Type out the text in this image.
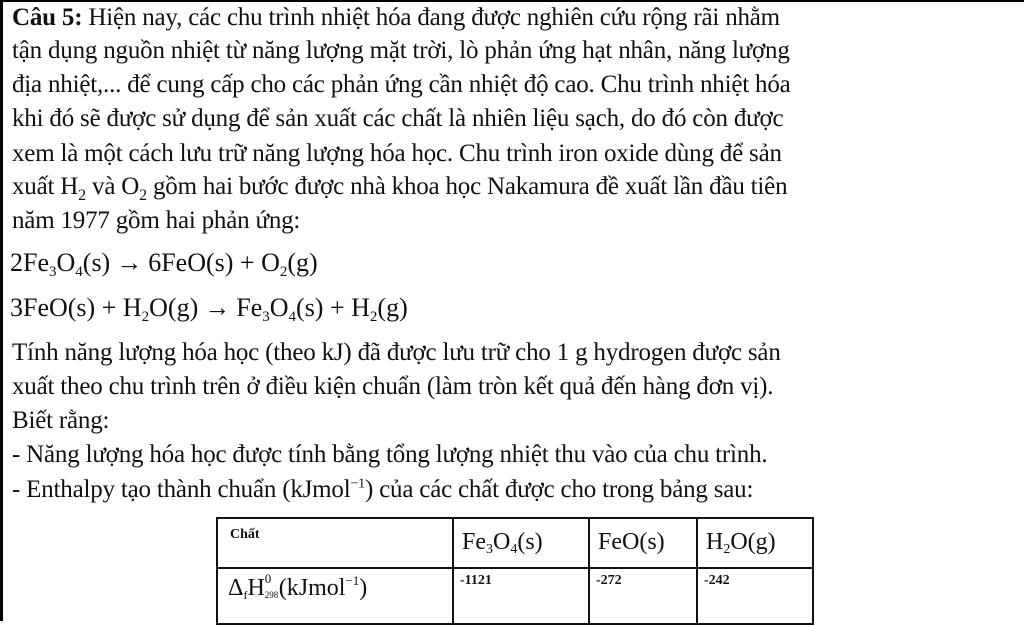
Câu 5: Hiện nay, các chu trình nhiệt hóa đang được nghiên cứu rộng rãi nhằm
tận dụng nguồn nhiệt từ năng lượng mặt trời, lò phản ứng hạt nhân, năng lượng
địa nhiệt,... để cung cấp cho các phản ứng cần nhiệt độ cao. Chu trình nhiệt hóa
khi đó sẽ được sử dụng để sản xuất các chất là nhiên liệu sạch, do đó còn được
xem là một cách lưu trữ năng lượng hóa học. Chu trình iron oxide dùng để sản
xuất $H_2$ và $O_2$ gồm hai bước được nhà khoa học Nakamura đề xuất lần đầu tiên
năm 1977 gồm hai phản ứng:
$2Fe_3O_4(s) \to 6FeO(s) + O_2(g)$
$3FeO(s) + H_2O(g) \to Fe_3O_4(s) + H_2(g)$
Tính năng lượng hóa học (theo kJ) đã được lưu trữ cho 1 g hydrogen được sản
xuất theo chu trình trên ở điều kiện chuẩn (làm tròn kết quả đến hàng đơn vị).
Biết rằng:
- Năng lượng hóa học được tính bằng tổng lượng nhiệt thu vào của chu trình.
- Enthalpy tạo thành chuẩn (kJmol$^{-1}$) của các chất được cho trong bảng sau:
Chất	$Fe_3O_4(s)$	FeO(s)	$H_2O(g)$
$\Delta_fH$ 0
298 (kJmol$^{-1}$)	-1121	-272	-242
